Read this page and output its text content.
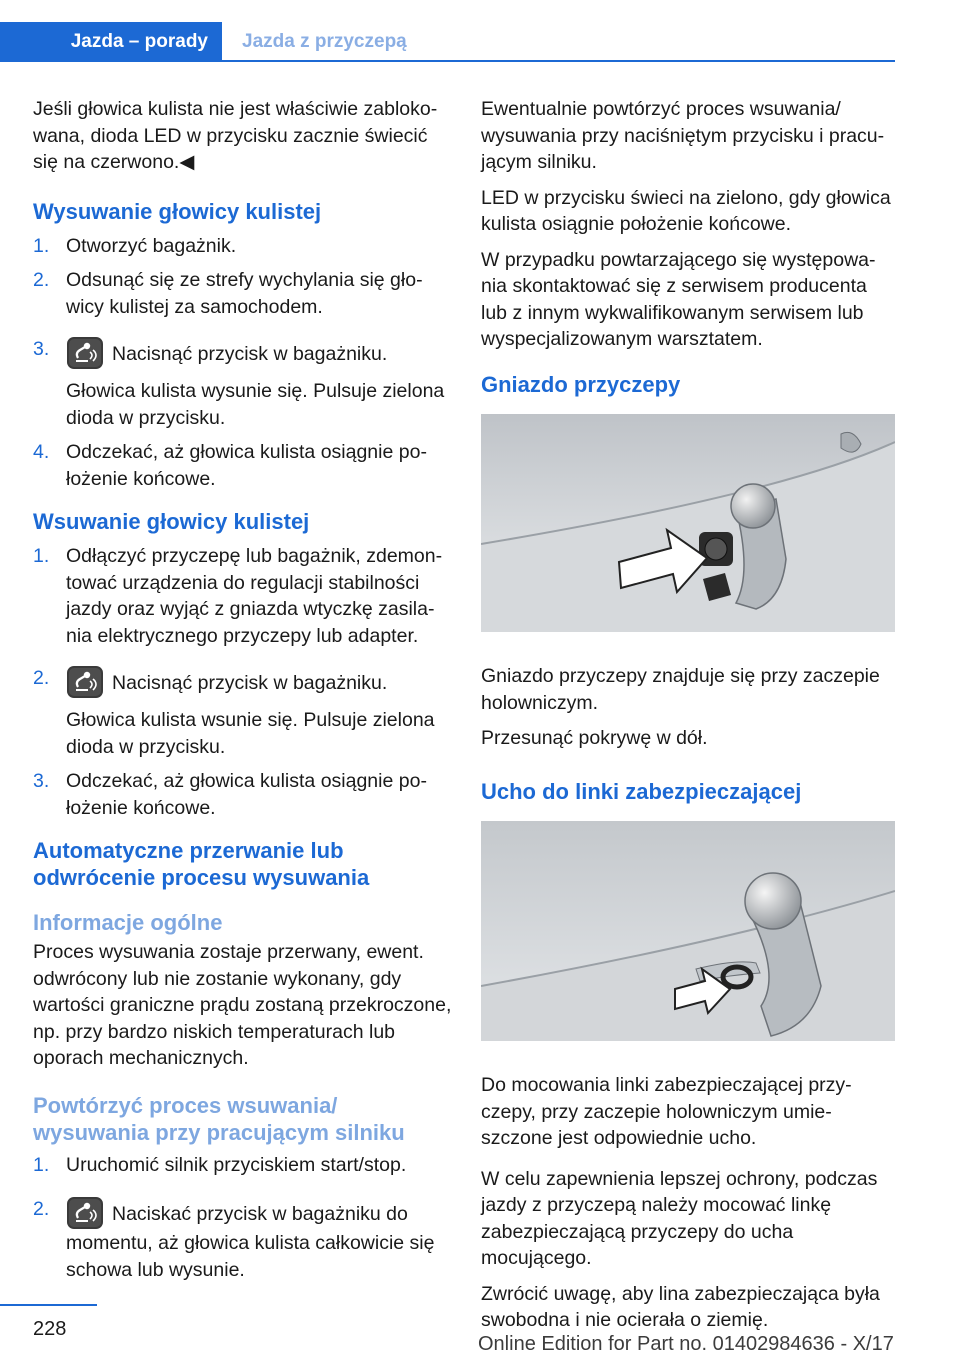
Jazda – porady Jazda z przyczepą

Jeśli głowica kulista nie jest właściwie zablokowana, dioda LED w przycisku zacznie świecić się na czerwono.◀

Wysuwanie głowicy kulistej
1. Otworzyć bagażnik.
2. Odsunąć się ze strefy wychylania się głowicy kulistej za samochodem.
3.	Nacisnąć przycisk w bagażniku.

Głowica kulista wysunie się. Pulsuje zielona dioda w przycisku.

4. Odczekać, aż głowica kulista osiągnie położenie końcowe.
Wsuwanie głowicy kulistej
1. Odłączyć przyczepę lub bagażnik, zdemontować urządzenia do regulacji stabilności jazdy oraz wyjąć z gniazda wtyczkę zasilania elektrycznego przyczepy lub adapter.
2.	Nacisnąć przycisk w bagażniku.

Głowica kulista wsunie się. Pulsuje zielona dioda w przycisku.

3. Odczekać, aż głowica kulista osiągnie położenie końcowe.
Automatyczne przerwanie lub odwrócenie procesu wysuwania
Informacje ogólne

Proces wysuwania zostaje przerwany, ewent. odwrócony lub nie zostanie wykonany, gdy wartości graniczne prądu zostaną przekroczone, np. przy bardzo niskich temperaturach lub oporach mechanicznych.

Powtórzyć proces wsuwania/ wysuwania przy pracującym silniku
1. Uruchomić silnik przyciskiem start/stop.
2.	Naciskać przycisk w bagażniku do momentu, aż głowica kulista całkowicie się schowa lub wysunie.

Ewentualnie powtórzyć proces wsuwania/ wysuwania przy naciśniętym przycisku i pracującym silniku.

LED w przycisku świeci na zielono, gdy głowica kulista osiągnie położenie końcowe.

W przypadku powtarzającego się występowania skontaktować się z serwisem producenta lub z innym wykwalifikowanym serwisem lub wyspecjalizowanym warsztatem.

Gniazdo przyczepy

Gniazdo przyczepy znajduje się przy zaczepie holowniczym.

Przesunąć pokrywę w dół.

Ucho do linki zabezpieczającej

Do mocowania linki zabezpieczającej przyczepy, przy zaczepie holowniczym umieszczone jest odpowiednie ucho.

W celu zapewnienia lepszej ochrony, podczas jazdy z przyczepą należy mocować linkę zabezpieczającą przyczepy do ucha mocującego.

Zwrócić uwagę, aby lina zabezpieczająca była swobodna i nie ocierała o ziemię.

228
Online Edition for Part no. 01402984636 - X/17
